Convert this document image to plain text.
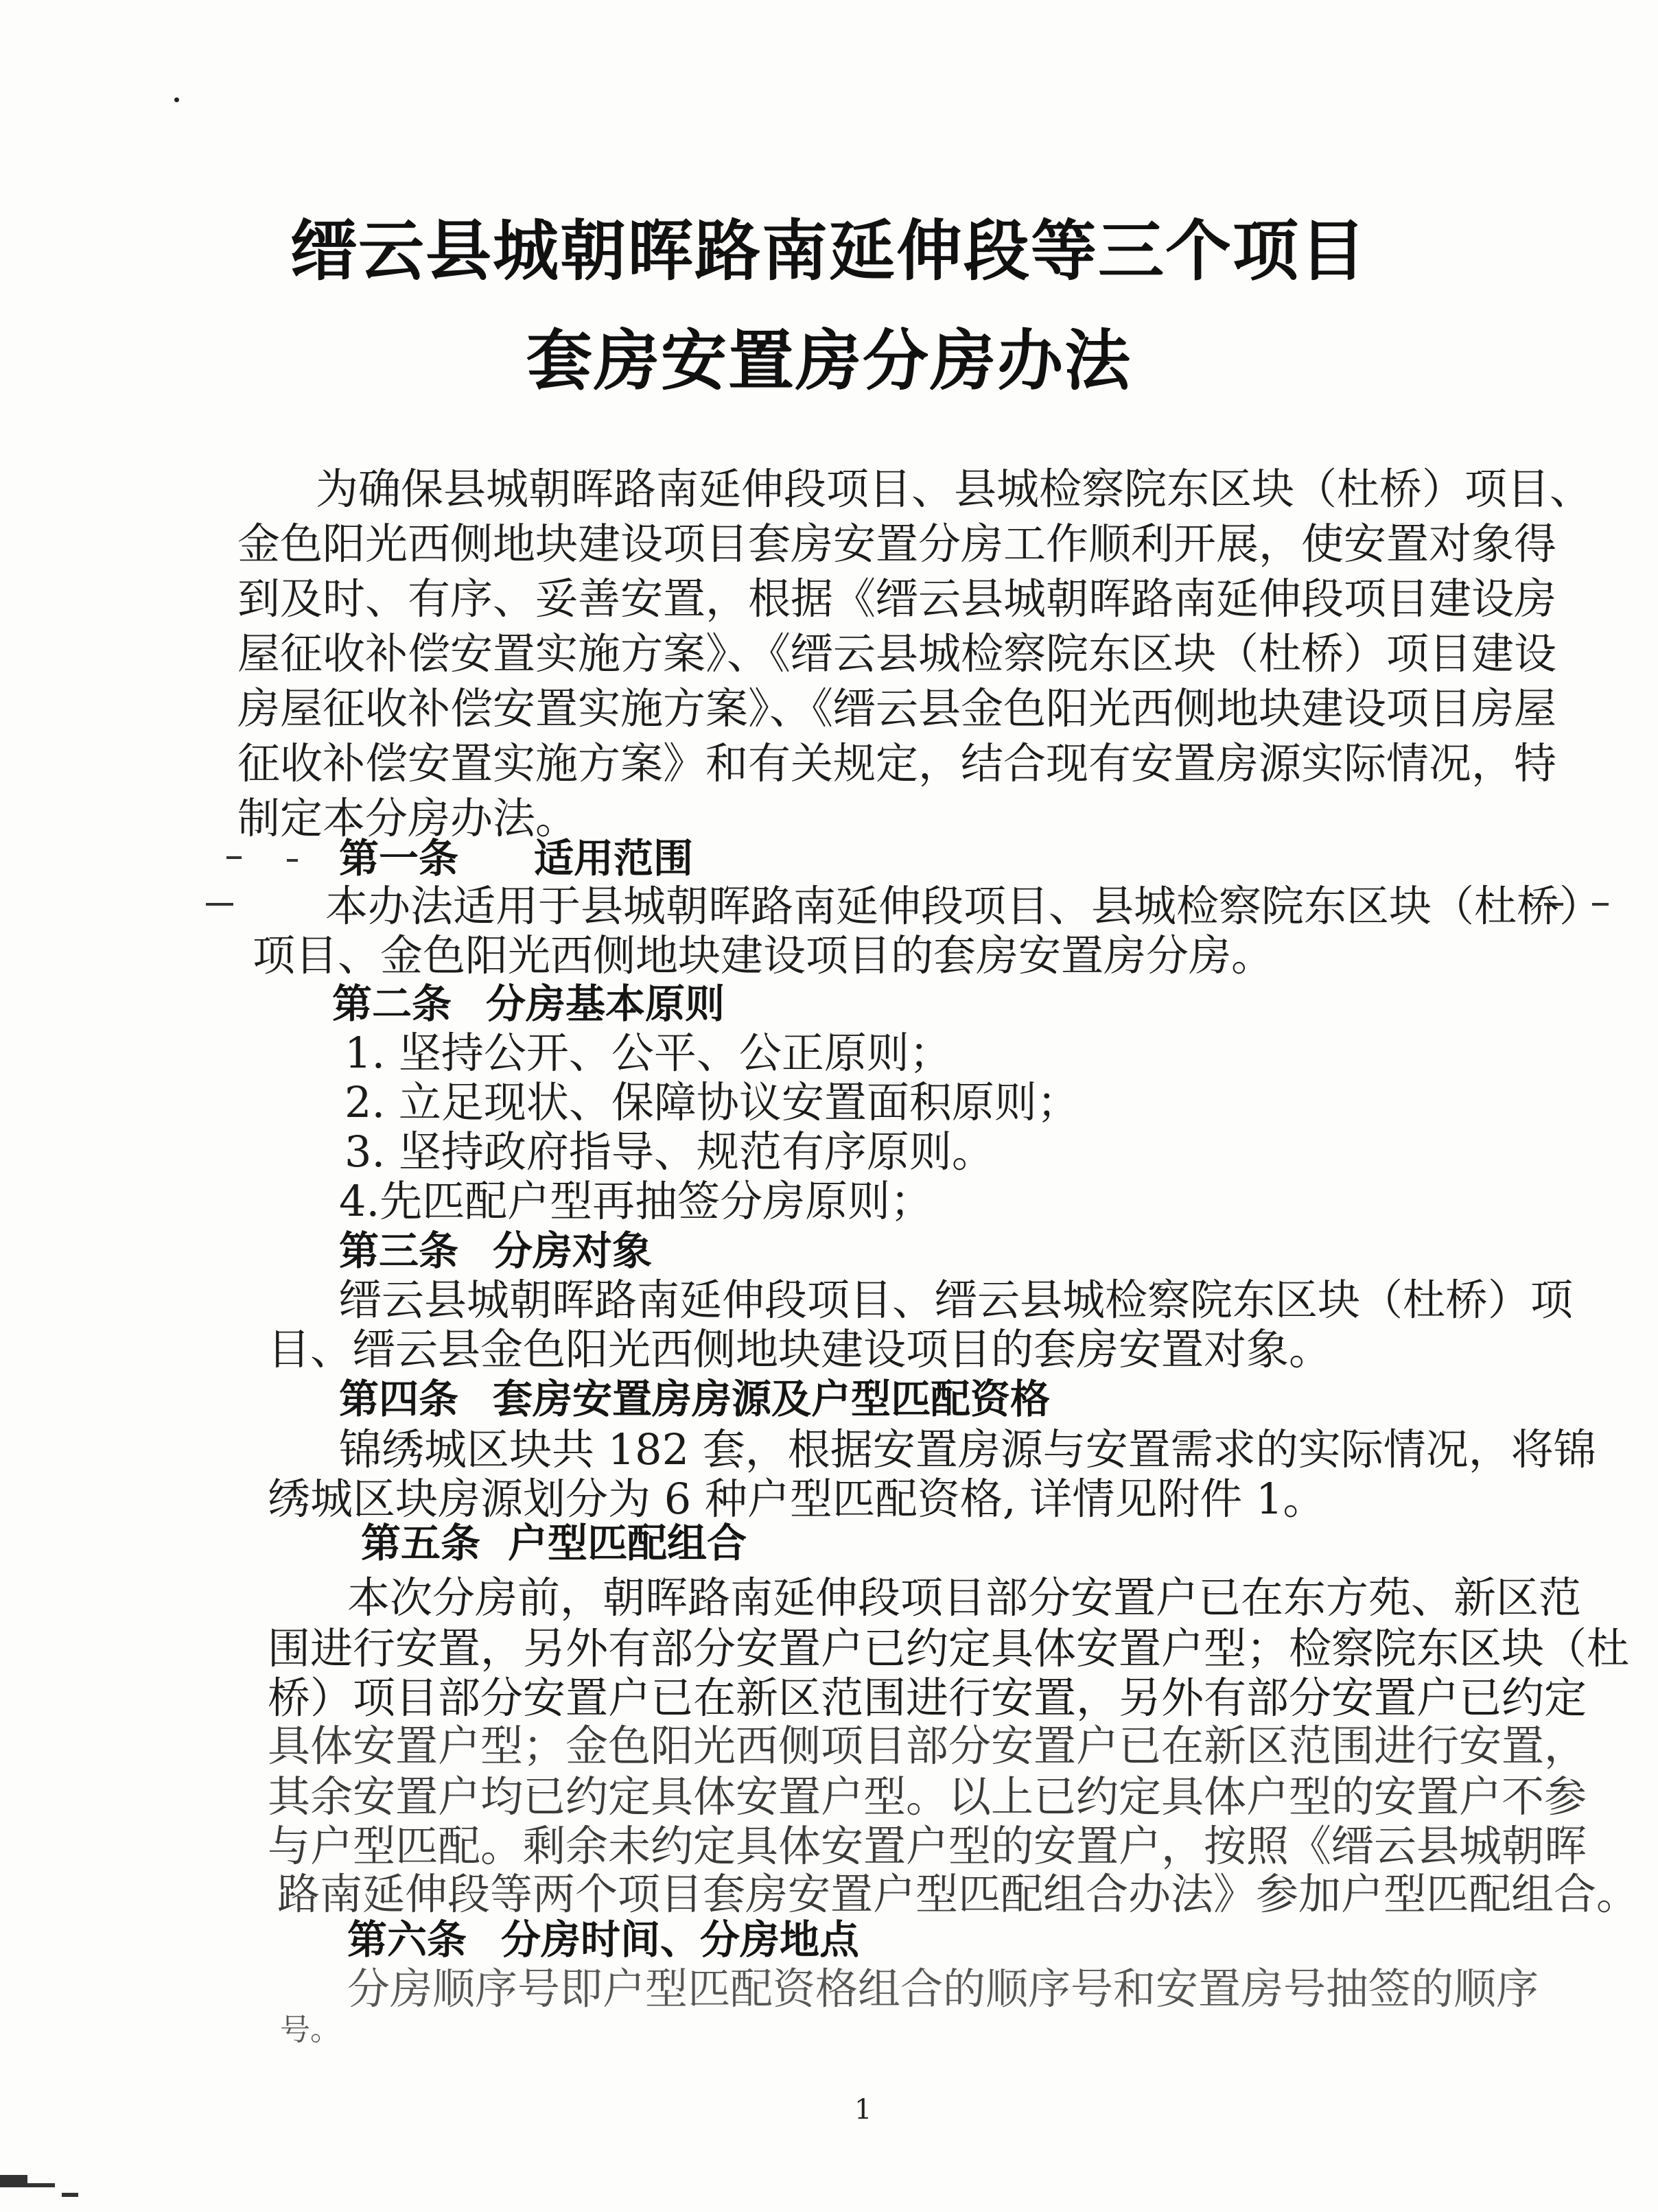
缙云县城朝晖路南延伸段等三个项目
套房安置房分房办法
为确保县城朝晖路南延伸段项目、县城检察院东区块（杜桥）项目、
金色阳光西侧地块建设项目套房安置分房工作顺利开展，使安置对象得
到及时、有序、妥善安置，根据《缙云县城朝晖路南延伸段项目建设房
屋征收补偿安置实施方案》、《缙云县城检察院东区块（杜桥）项目建设
房屋征收补偿安置实施方案》、《缙云县金色阳光西侧地块建设项目房屋
征收补偿安置实施方案》和有关规定，结合现有安置房源实际情况，特
制定本分房办法。
第一条 适用范围
本办法适用于县城朝晖路南延伸段项目、县城检察院东区块（杜桥）
项目、金色阳光西侧地块建设项目的套房安置房分房。
第二条 分房基本原则
1. 坚持公开、公平、公正原则；
2. 立足现状、保障协议安置面积原则；
3. 坚持政府指导、规范有序原则。
4.先匹配户型再抽签分房原则；
第三条 分房对象
缙云县城朝晖路南延伸段项目、缙云县城检察院东区块（杜桥）项
目、缙云县金色阳光西侧地块建设项目的套房安置对象。
第四条 套房安置房房源及户型匹配资格
锦绣城区块共 182 套，根据安置房源与安置需求的实际情况，将锦
绣城区块房源划分为 6 种户型匹配资格, 详情见附件 1。
第五条 户型匹配组合
本次分房前，朝晖路南延伸段项目部分安置户已在东方苑、新区范
围进行安置，另外有部分安置户已约定具体安置户型；检察院东区块（杜
桥）项目部分安置户已在新区范围进行安置，另外有部分安置户已约定
具体安置户型；金色阳光西侧项目部分安置户已在新区范围进行安置，
其余安置户均已约定具体安置户型。以上已约定具体户型的安置户不参
与户型匹配。剩余未约定具体安置户型的安置户，按照《缙云县城朝晖
路南延伸段等两个项目套房安置户型匹配组合办法》参加户型匹配组合。
第六条 分房时间、分房地点
分房顺序号即户型匹配资格组合的顺序号和安置房号抽签的顺序
号。
1
